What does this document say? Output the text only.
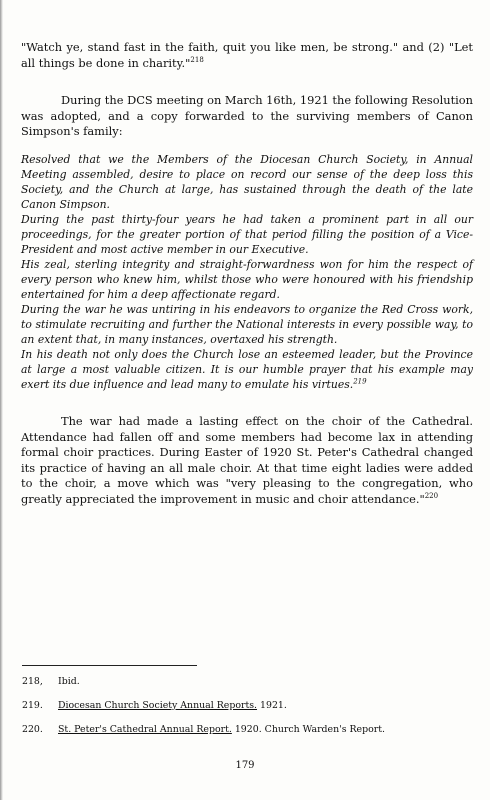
"Watch ye, stand fast in the faith, quit you like men, be strong." and (2) "Let all things be done in charity."$^{218}$

During the DCS meeting on March 16th, 1921 the following Resolution was adopted, and a copy forwarded to the surviving members of Canon Simpson's family:

Resolved that we the Members of the Diocesan Church Society, in Annual Meeting assembled, desire to place on record our sense of the deep loss this Society, and the Church at large, has sustained through the death of the late Canon Simpson.
During the past thirty-four years he had taken a prominent part in all our proceedings, for the greater portion of that period filling the position of a Vice-President and most active member in our Executive.
His zeal, sterling integrity and straight-forwardness won for him the respect of every person who knew him, whilst those who were honoured with his friendship entertained for him a deep affectionate regard.
During the war he was untiring in his endeavors to organize the Red Cross work, to stimulate recruiting and further the National interests in every possible way, to an extent that, in many instances, overtaxed his strength.
In his death not only does the Church lose an esteemed leader, but the Province at large a most valuable citizen. It is our humble prayer that his example may exert its due influence and lead many to emulate his virtues.$^{219}$

The war had made a lasting effect on the choir of the Cathedral. Attendance had fallen off and some members had become lax in attending formal choir practices. During Easter of 1920 St. Peter's Cathedral changed its practice of having an all male choir. At that time eight ladies were added to the choir, a move which was "very pleasing to the congregation, who greatly appreciated the improvement in music and choir attendance."$^{220}$

218,	Ibid.
219.	Diocesan Church Society Annual Reports. 1921.
220.	St. Peter's Cathedral Annual Report. 1920. Church Warden's Report.
179
